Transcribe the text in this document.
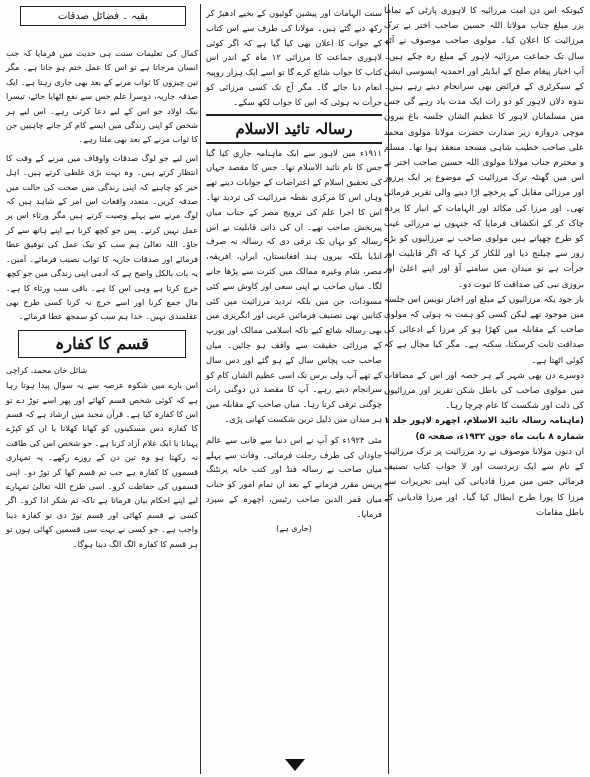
بقیہ ۔ فضائل صدقات	کیونکہ اس دن امت مرزائیہ کا لاہوری پارٹی کے تماما بزر مبلغ جناب مولانا اللہ حسین صاحب اختر نے ترک مرزائیت کا اعلان کیا۔ مولوی صاحب موصوف نے آٹھ سال تک جماعت مرزائیہ لاہور کے مبلغ رہ چکے ہیں۔ آپ اخبار پیغام صلح کے ایڈیٹر اور احمدیہ ایسوسی ایشن کے سیکرٹری کے فرائض بھی سرانجام دیتے رہے ہیں۔ ندوہ دلان لاہور کو دو رات ایک مدت یاد رہے گی جس میں مسلمانان لاہور کا عظیم الشان جلسہ باغ بیرون موچی دروازہ زیر صدارت حضرت مولانا مولوی محمد علی صاحب خطیب شاہی مسجد منعقد ہوا تھا۔ مسلم و محترم جناب مولانا مولوی اللہ حسین صاحب اختر نے اس میں گھنٹہ ترک مرزائیت کے موضوع پر ایک پرزور اور مرزائی مقابل کے پرخچے اڑا دینے والی تقریر فرمائی تھی۔ اور مرزا کی مکائد اور الہامات کے انبار کا پردہ چاک کر کے انکشاف فرمایا کہ جنہوں نے مرزائی عیب کو طرح چھپاتے ہیں مولوی صاحب نے مرزائیوں کو بڑے زور سے چیلنج دیا اور للکار کر کہا کہ اگر قابلیت اور جرأت ہے تو میدان میں سامنے آؤ اور اپنے اعلیٰ اور بروزی نبی کی صداقت کا ثبوت دو۔

بار جود یکہ مرزائیوں کے مبلغ اور اخبار نویس اس جلسہ میں موجود تھے لیکن کسی کو ہمت نہ ہوئی کہ مولوی صاحب کے مقابلہ میں کھڑا ہو کر مرزا کے ادعائی کی صداقت ثابت کرسکتا، سکتہ ہے۔ مگر کیا مجال ہے کہ کوئی اٹھتا ہے۔

دوسرے دن بھی شہر کے ہر حصہ اور اس کے مضافات میں مولوی صاحب کی باطل شکن تقریر اور مرزائیوں کی ذلت اور شکست کا عام چرچا رہا۔

(ماہنامہ رسالہ تائید الاسلام، اچھرہ لاہور جلد ۱ شمارہ ۸ بابت ماہ جون ۱۹۳۲ء، صفحہ ۵)

ان دنوں مولانا موصوف نے رد مرزائیت پر ترک مرزائیت کے نام سے ایک زبردست اور لا جواب کتاب تصنیف فرمائی جس میں مرزا قادیانی کی اپنی تحریرات سے مرزا کا پورا طرح ابطال کیا گیا۔ اور مرزا قادیانی کے باطل مقامات

سنت الہامات اور پیشین گوئیوں کے بخیے ادھیڑ کر رکھ دیے گئے ہیں۔ مولانا کی طرف سے اس کتاب کے جواب کا اعلان بھی کیا گیا ہے کہ اگر کوئی لاہوری جماعت کا مرزائی ۱۲ ماہ کے اندر اس کتاب کا جواب شائع کرے گا تو اسے ایک ہزار روپیہ انعام دیا جائے گا۔ مگر آج تک کسی مرزائی کو جرأت نہ ہوئی کہ اس کا جواب لکھ سکے۔

رسالہ تائید الاسلام

۱۹۱۱ء میں لاہور سے ایک ماہنامہ جاری کیا گیا جس کا نام تائید الاسلام تھا۔ جس کا مقصد جہاں کی تحقیق اسلام کے اعتراضات کے جوابات دینے تھے وہاں اس کا مرکزی نقطہ مرزائیت کی تردید تھا۔ اس کا اجرا علم کی ترویج مصر کے جناب میاں پیربخش صاحب تھے۔ ان کی ذاتی قابلیت نے اس رسالہ کو بہاں تک ترقی دی کہ رسالہ نہ صرف انڈیا بلکہ بیرون ہند افغانستان، ایران، افریقہ، مصر، شام وغیرہ ممالک میں کثرت سے پڑھا جانے لگا۔ میاں صاحب نے اپنی سعی اور کاوش سے کئی مسودات، جن میں بلکہ تردید مرزائیت میں کئی کتابیں بھی تصنیف فرمائیں عربی اور انگریزی میں بھی رسالہ شائع کیے تاکہ اسلامی ممالک اور یورپ کے مرزائی حقیقت سے واقف ہو جائیں۔ میاں صاحب جب پچاس سال کے ہو گئے اور دس سال کے تھے آپ ولی برس تک اسی عظیم الشان کام کو سرانجام دیتے رہے۔ آپ کا مقصد دن دوگنی رات چوگنی ترقی کرتا رہا۔ میاں صاحب کے مقابلہ میں ہر میدان میں ذلیل ترین شکست کھانی پڑی۔

مئی ۱۹۲۴ء کو آپ نے اس دنیا سے فانی سے عالم جاوداں کی طرف رحلت فرمائی۔ وفات سے پہلے میاں صاحب نے رسالہ فنڈ اور کتب خانہ پرنٹنگ پریس مقرر فرمانے کے بعد ان تمام امور کو جناب میاں قمر الدین صاحب رئیس، اچھرہ کے سپرد فرمایا۔

(جاری ہے)

کمال کی تعلیمات سنت ہی حدیث میں فرمایا کہ جب انسان مرجاتا ہے تو اس کا عمل ختم ہو جاتا ہے۔ مگر تین چیزوں کا ثواب مرنے کے بعد بھی جاری رہتا ہے۔ ایک صدقہ جاریہ، دوسرا علم جس سے نفع اٹھایا جائے، تیسرا نیک اولاد جو اس کے لیے دعا کرتی رہے۔ اس لیے ہر شخص کو اپنی زندگی میں ایسے کام کر جانے چاہییں جن کا ثواب مرنے کے بعد بھی ملتا رہے۔

اس لیے جو لوگ صدقات واوقاف میں مرنے کے وقت کا انتظار کرتے ہیں۔ وہ بہت بڑی غلطی کرتے ہیں۔ اہل خیر کو چاہیے کہ اپنی زندگی میں صحت کی حالت میں صدقہ کریں۔ متعدد واقعات اس امر کے شاہد ہیں کہ لوگ مرنے سے پہلے وصیت کرتے ہیں مگر ورثاء اس پر عمل نہیں کرتے۔ پس جو کچھ کرنا ہے اپنے ہاتھ سے کر جاؤ۔ اللہ تعالیٰ ہم سب کو نیک عمل کی توفیق عطا فرمائے اور صدقات جاریہ کا ثواب نصیب فرمائے۔ آمین۔ یہ بات بالکل واضح ہے کہ آدمی اپنی زندگی میں جو کچھ خرچ کرتا ہے وہی اس کا ہے۔ باقی سب ورثاء کا ہے۔ مال جمع کرنا اور اسے خرچ نہ کرنا کسی طرح بھی عقلمندی نہیں۔ خدا ہم سب کو سمجھ عطا فرمائے۔

قسم کا کفارہ

شائل خان محمد، کراچی

اس بارے میں شکوہ عرصہ سے یہ سوال پیدا ہوتا رہا ہے کہ کوئی شخص قسم کھائے اور پھر اسے توڑ دے تو اس کا کفارہ کیا ہے۔ قرآن مجید میں ارشاد ہے کہ قسم کا کفارہ دس مسکینوں کو کھانا کھلانا یا ان کو کپڑے پہنانا یا ایک غلام آزاد کرنا ہے۔ جو شخص اس کی طاقت نہ رکھتا ہو وہ تین دن کے روزے رکھے۔ یہ تمہاری قسموں کا کفارہ ہے جب تم قسم کھا کر توڑ دو۔ اپنی قسموں کی حفاظت کرو۔ اسی طرح اللہ تعالیٰ تمہارے لیے اپنے احکام بیان فرماتا ہے تاکہ تم شکر ادا کرو۔ اگر کسی نے قسم کھائی اور قسم توڑ دی تو کفارہ دینا واجب ہے۔ جو کسی نے بہت سی قسمیں کھائی ہوں تو ہر قسم کا کفارہ الگ الگ دینا ہوگا۔
